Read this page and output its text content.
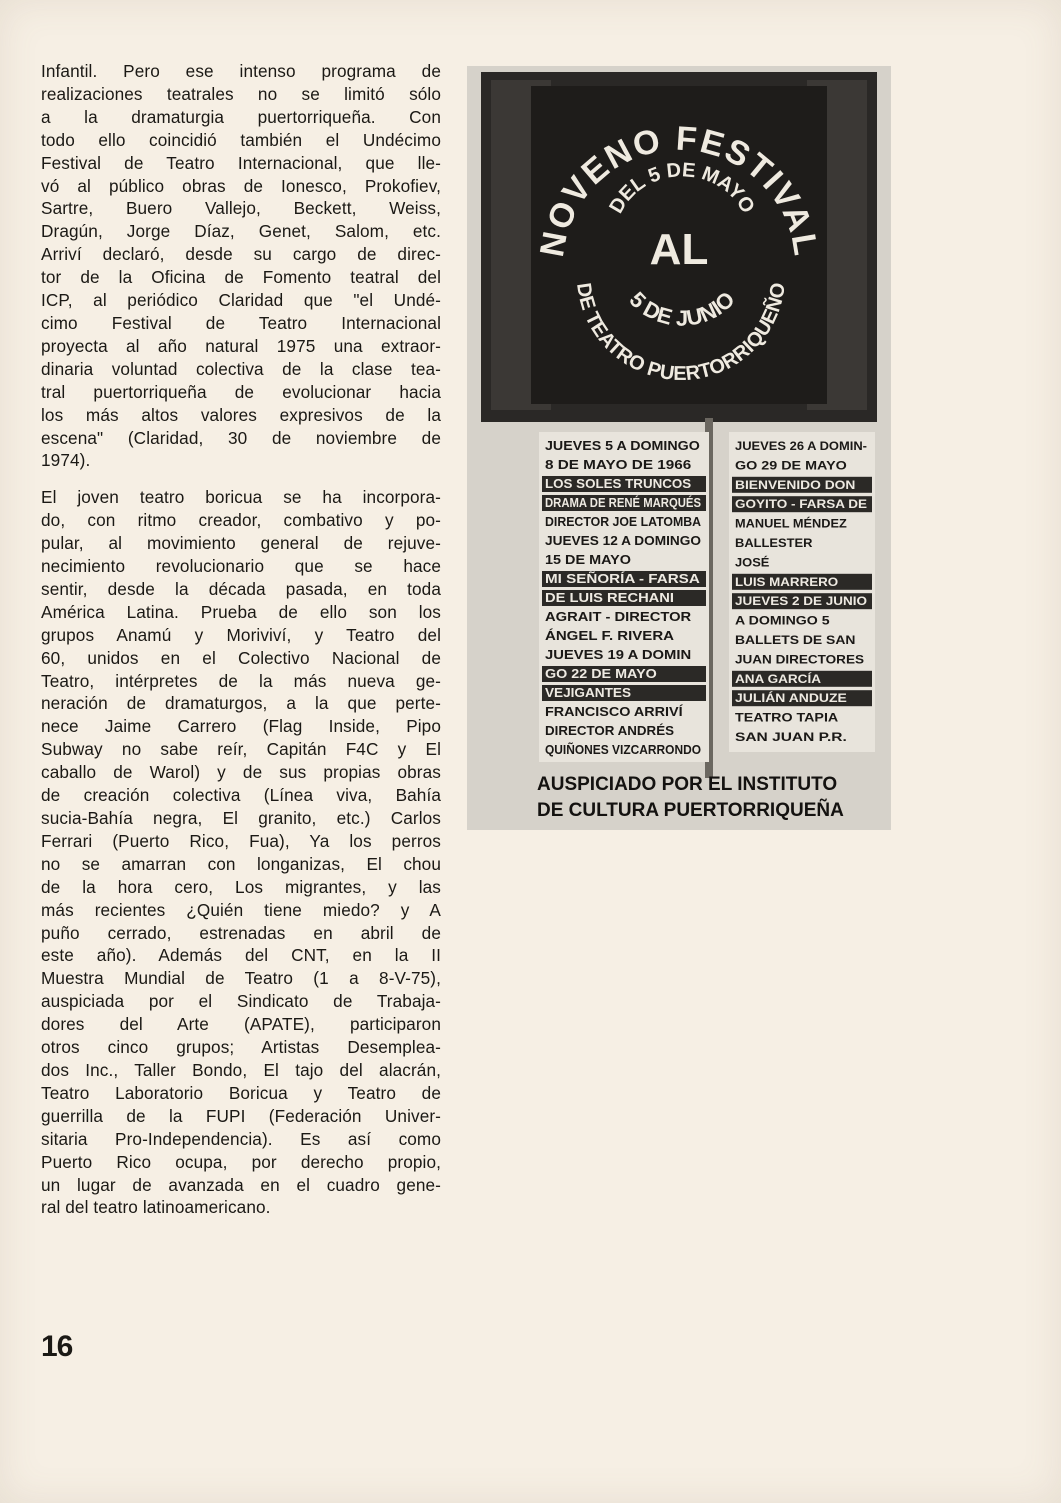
Infantil. Pero ese intenso programa de
realizaciones teatrales no se limitó sólo
a la dramaturgia puertorriqueña. Con
todo ello coincidió también el Undécimo
Festival de Teatro Internacional, que lle-
vó al público obras de Ionesco, Prokofiev,
Sartre, Buero Vallejo, Beckett, Weiss,
Dragún, Jorge Díaz, Genet, Salom, etc.
Arriví declaró, desde su cargo de direc-
tor de la Oficina de Fomento teatral del
ICP, al periódico Claridad que "el Undé-
cimo Festival de Teatro Internacional
proyecta al año natural 1975 una extraor-
dinaria voluntad colectiva de la clase tea-
tral puertorriqueña de evolucionar hacia
los más altos valores expresivos de la
escena" (Claridad, 30 de noviembre de
1974).

El joven teatro boricua se ha incorpora-
do, con ritmo creador, combativo y po-
pular, al movimiento general de rejuve-
necimiento revolucionario que se hace
sentir, desde la década pasada, en toda
América Latina. Prueba de ello son los
grupos Anamú y Moriviví, y Teatro del
60, unidos en el Colectivo Nacional de
Teatro, intérpretes de la más nueva ge-
neración de dramaturgos, a la que perte-
nece Jaime Carrero (Flag Inside, Pipo
Subway no sabe reír, Capitán F4C y El
caballo de Warol) y de sus propias obras
de creación colectiva (Línea viva, Bahía
sucia-Bahía negra, El granito, etc.) Carlos
Ferrari (Puerto Rico, Fua), Ya los perros
no se amarran con longanizas, El chou
de la hora cero, Los migrantes, y las
más recientes ¿Quién tiene miedo? y A
puño cerrado, estrenadas en abril de
este año). Además del CNT, en la II
Muestra Mundial de Teatro (1 a 8-V-75),
auspiciada por el Sindicato de Trabaja-
dores del Arte (APATE), participaron
otros cinco grupos; Artistas Desemplea-
dos Inc., Taller Bondo, El tajo del alacrán,
Teatro Laboratorio Boricua y Teatro de
guerrilla de la FUPI (Federación Univer-
sitaria Pro-Independencia). Es así como
Puerto Rico ocupa, por derecho propio,
un lugar de avanzada en el cuadro gene-
ral del teatro latinoamericano.

NOVENO FESTIVAL
DEL 5 DE MAYO
AL
5 DE JUNIO
DE TEATRO PUERTORRIQUEÑO
JUEVES 5 A DOMINGO
8 DE MAYO DE 1966
LOS SOLES TRUNCOS
DRAMA DE RENÉ MARQUÉS
DIRECTOR JOE LATOMBA
JUEVES 12 A DOMINGO
15 DE MAYO
MI SEÑORÍA - FARSA
DE LUIS RECHANI
AGRAIT - DIRECTOR
ÁNGEL F. RIVERA
JUEVES 19 A DOMIN
GO 22 DE MAYO
VEJIGANTES
FRANCISCO ARRIVÍ
DIRECTOR ANDRÉS
QUIÑONES VIZCARRONDO
JUEVES 26 A DOMIN-
GO 29 DE MAYO
BIENVENIDO DON
GOYITO - FARSA DE
MANUEL MÉNDEZ
BALLESTER
JOSÉ
LUIS MARRERO
JUEVES 2 DE JUNIO
A DOMINGO 5
BALLETS DE SAN
JUAN DIRECTORES
ANA GARCÍA
JULIÁN ANDUZE
TEATRO TAPIA
SAN JUAN P.R.
AUSPICIADO POR EL INSTITUTO
DE CULTURA PUERTORRIQUEÑA
16
